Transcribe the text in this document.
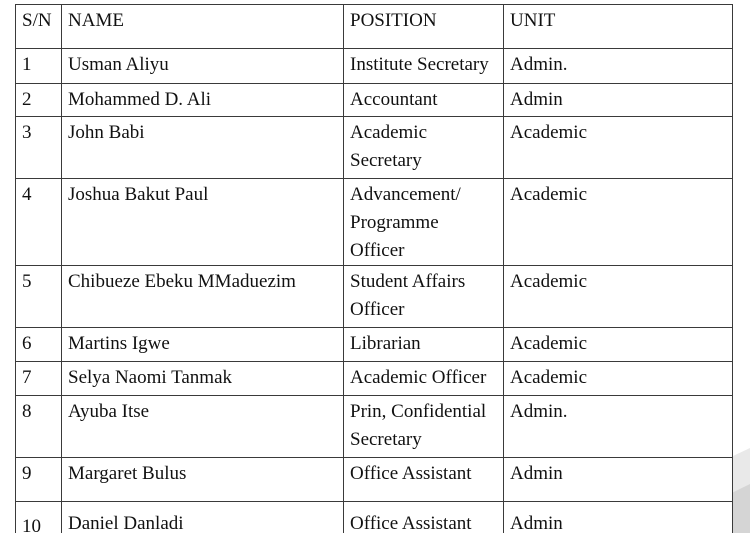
S/N	NAME	POSITION	UNIT
1	Usman Aliyu	Institute Secretary	Admin.
2	Mohammed D. Ali	Accountant	Admin
3	John Babi	Academic Secretary	Academic
4	Joshua Bakut Paul	Advancement/ Programme Officer	Academic
5	Chibueze Ebeku MMaduezim	Student Affairs Officer	Academic
6	Martins Igwe	Librarian	Academic
7	Selya Naomi Tanmak	Academic Officer	Academic
8	Ayuba Itse	Prin, Confidential Secretary	Admin.
9	Margaret Bulus	Office Assistant	Admin
10	Daniel Danladi	Office Assistant	Admin
